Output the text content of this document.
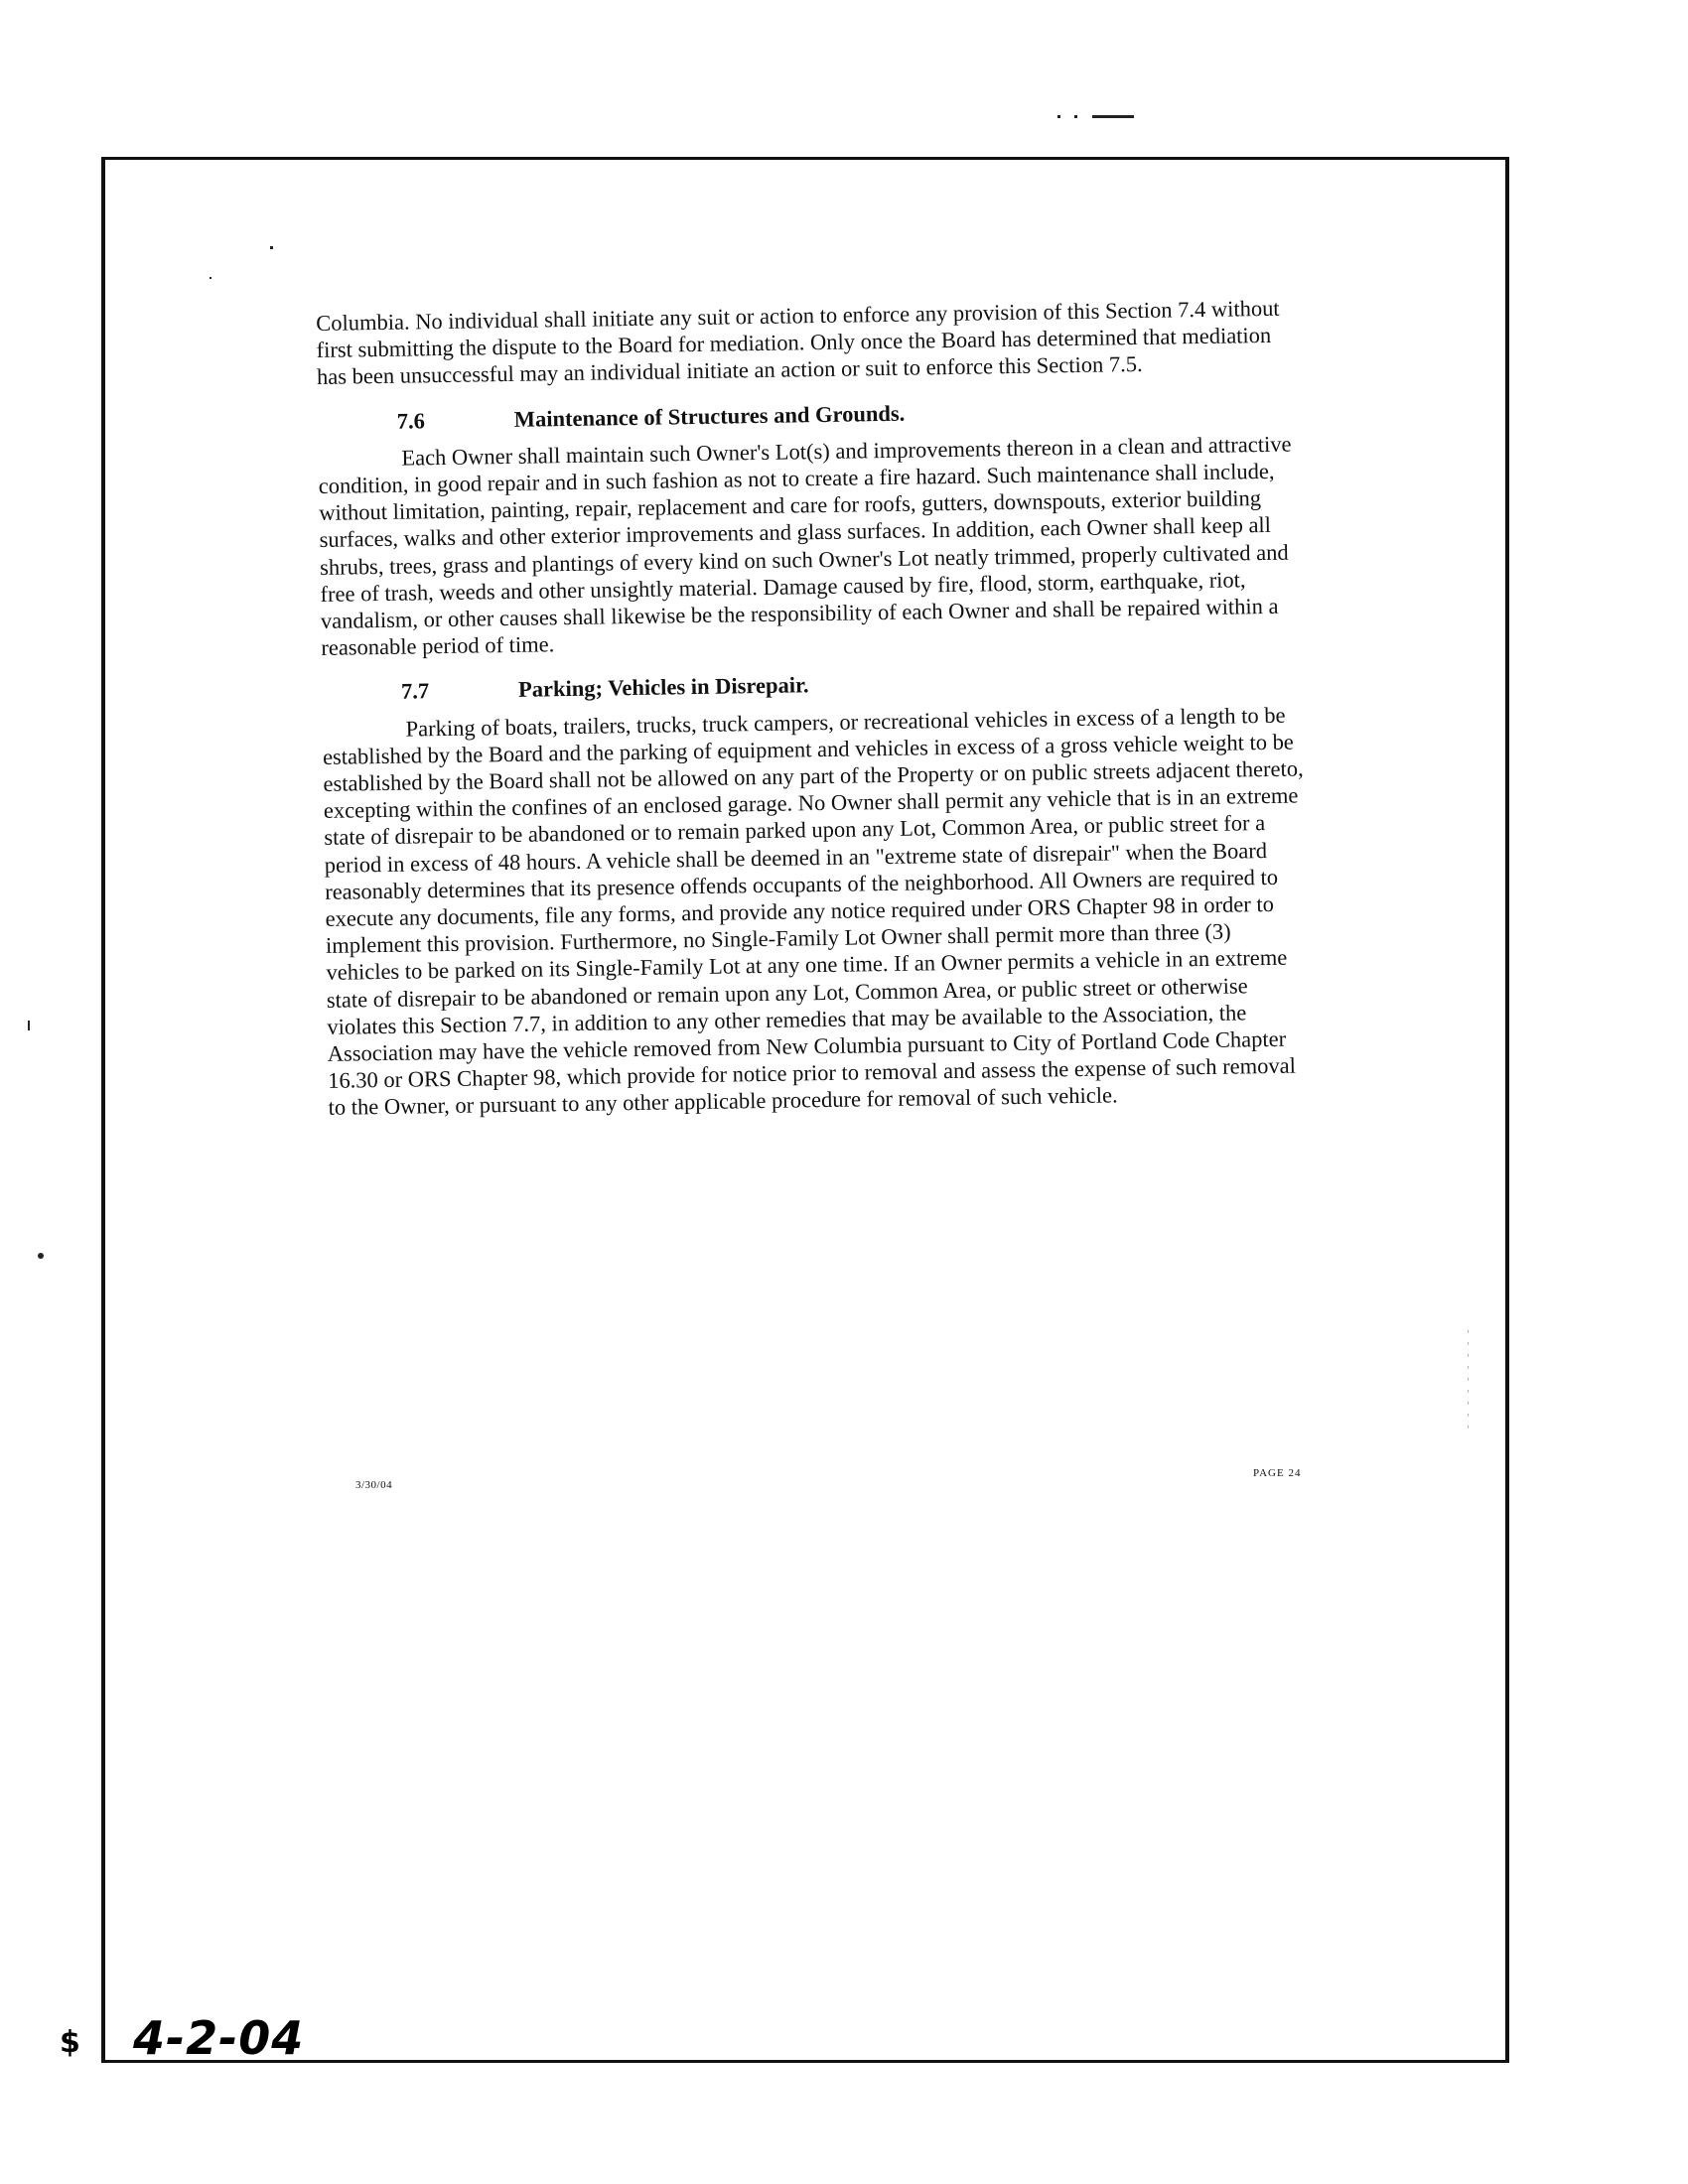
Columbia. No individual shall initiate any suit or action to enforce any provision of this Section 7.4 without first submitting the dispute to the Board for mediation. Only once the Board has determined that mediation has been unsuccessful may an individual initiate an action or suit to enforce this Section 7.5.

7.6	Maintenance of Structures and Grounds.

Each Owner shall maintain such Owner's Lot(s) and improvements thereon in a clean and attractive condition, in good repair and in such fashion as not to create a fire hazard. Such maintenance shall include, without limitation, painting, repair, replacement and care for roofs, gutters, downspouts, exterior building surfaces, walks and other exterior improvements and glass surfaces. In addition, each Owner shall keep all shrubs, trees, grass and plantings of every kind on such Owner's Lot neatly trimmed, properly cultivated and free of trash, weeds and other unsightly material. Damage caused by fire, flood, storm, earthquake, riot, vandalism, or other causes shall likewise be the responsibility of each Owner and shall be repaired within a reasonable period of time.

7.7	Parking; Vehicles in Disrepair.

Parking of boats, trailers, trucks, truck campers, or recreational vehicles in excess of a length to be established by the Board and the parking of equipment and vehicles in excess of a gross vehicle weight to be established by the Board shall not be allowed on any part of the Property or on public streets adjacent thereto, excepting within the confines of an enclosed garage. No Owner shall permit any vehicle that is in an extreme state of disrepair to be abandoned or to remain parked upon any Lot, Common Area, or public street for a period in excess of 48 hours. A vehicle shall be deemed in an "extreme state of disrepair" when the Board reasonably determines that its presence offends occupants of the neighborhood. All Owners are required to execute any documents, file any forms, and provide any notice required under ORS Chapter 98 in order to implement this provision. Furthermore, no Single-Family Lot Owner shall permit more than three (3) vehicles to be parked on its Single-Family Lot at any one time. If an Owner permits a vehicle in an extreme state of disrepair to be abandoned or remain upon any Lot, Common Area, or public street or otherwise violates this Section 7.7, in addition to any other remedies that may be available to the Association, the Association may have the vehicle removed from New Columbia pursuant to City of Portland Code Chapter 16.30 or ORS Chapter 98, which provide for notice prior to removal and assess the expense of such removal to the Owner, or pursuant to any other applicable procedure for removal of such vehicle.

3/30/04
PAGE 24
$ 4-2-04
